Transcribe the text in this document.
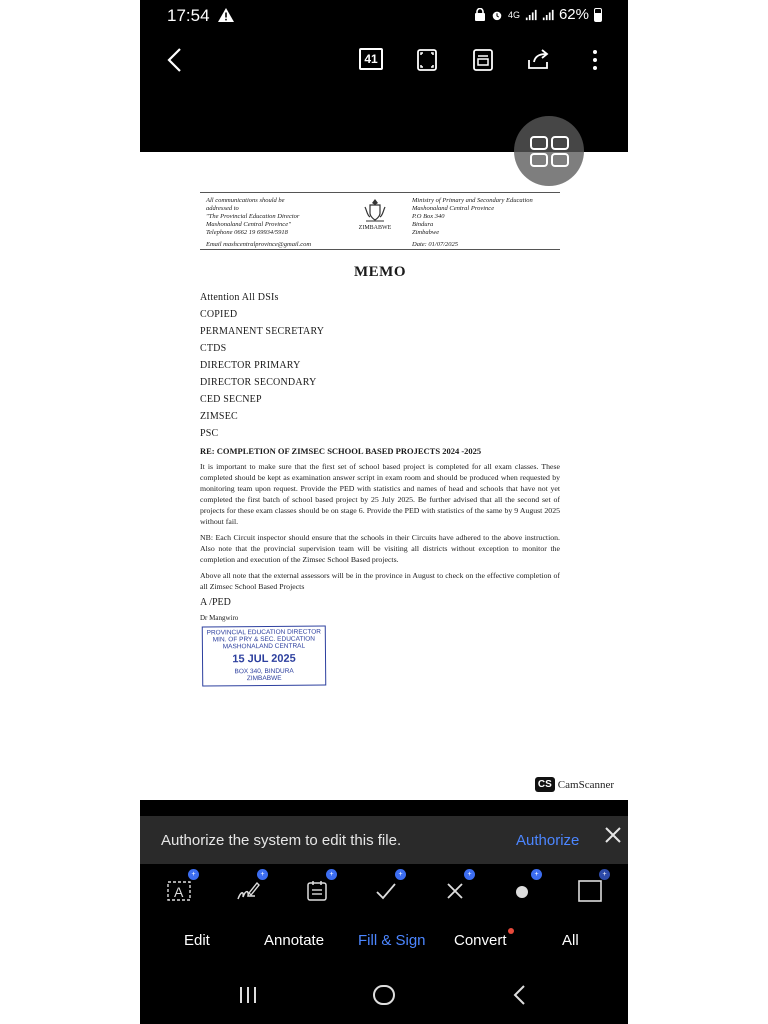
17:54	4G	62%
41
All communications should be
addressed to
"The Provincial Education Director
Mashonaland Central Province"
Telephone 0662 19 69934/5918
ZIMBABWE
Ministry of Primary and Secondary Education
Mashonaland Central Province
P.O Box 340
Bindura
Zimbabwe
Email mashcentralprovince@gmail.com	Date: 01/07/2025
MEMO
Attention All DSIs
COPIED
PERMANENT SECRETARY
CTDS
DIRECTOR PRIMARY
DIRECTOR SECONDARY
CED SECNEP
ZIMSEC
PSC
RE: COMPLETION OF ZIMSEC SCHOOL BASED PROJECTS 2024 -2025
It is important to make sure that the first set of school based project is completed for all exam classes. These completed should be kept as examination answer script in exam room and should be produced when requested by monitoring team upon request. Provide the PED with statistics and names of head and schools that have not yet completed the first batch of school based project by 25 July 2025. Be further advised that all the second set of projects for these exam classes should be on stage 6. Provide the PED with statistics of the same by 9 August 2025 without fail.
NB: Each Circuit inspector should ensure that the schools in their Circuits have adhered to the above instruction. Also note that the provincial supervision team will be visiting all districts without exception to monitor the completion and execution of the Zimsec School Based projects.
Above all note that the external assessors will be in the province in August to check on the effective completion of all Zimsec School Based Projects
A /PED
Dr Mangwiro
PROVINCIAL EDUCATION DIRECTOR
MIN. OF PRY & SEC. EDUCATION
MASHONALAND CENTRAL
15 JUL 2025
BOX 340, BINDURA
ZIMBABWE
CS CamScanner
Authorize the system to edit this file.	Authorize
A
+	+	+	+	+	+	+
Edit	Annotate Fill & Sign Convert	All
